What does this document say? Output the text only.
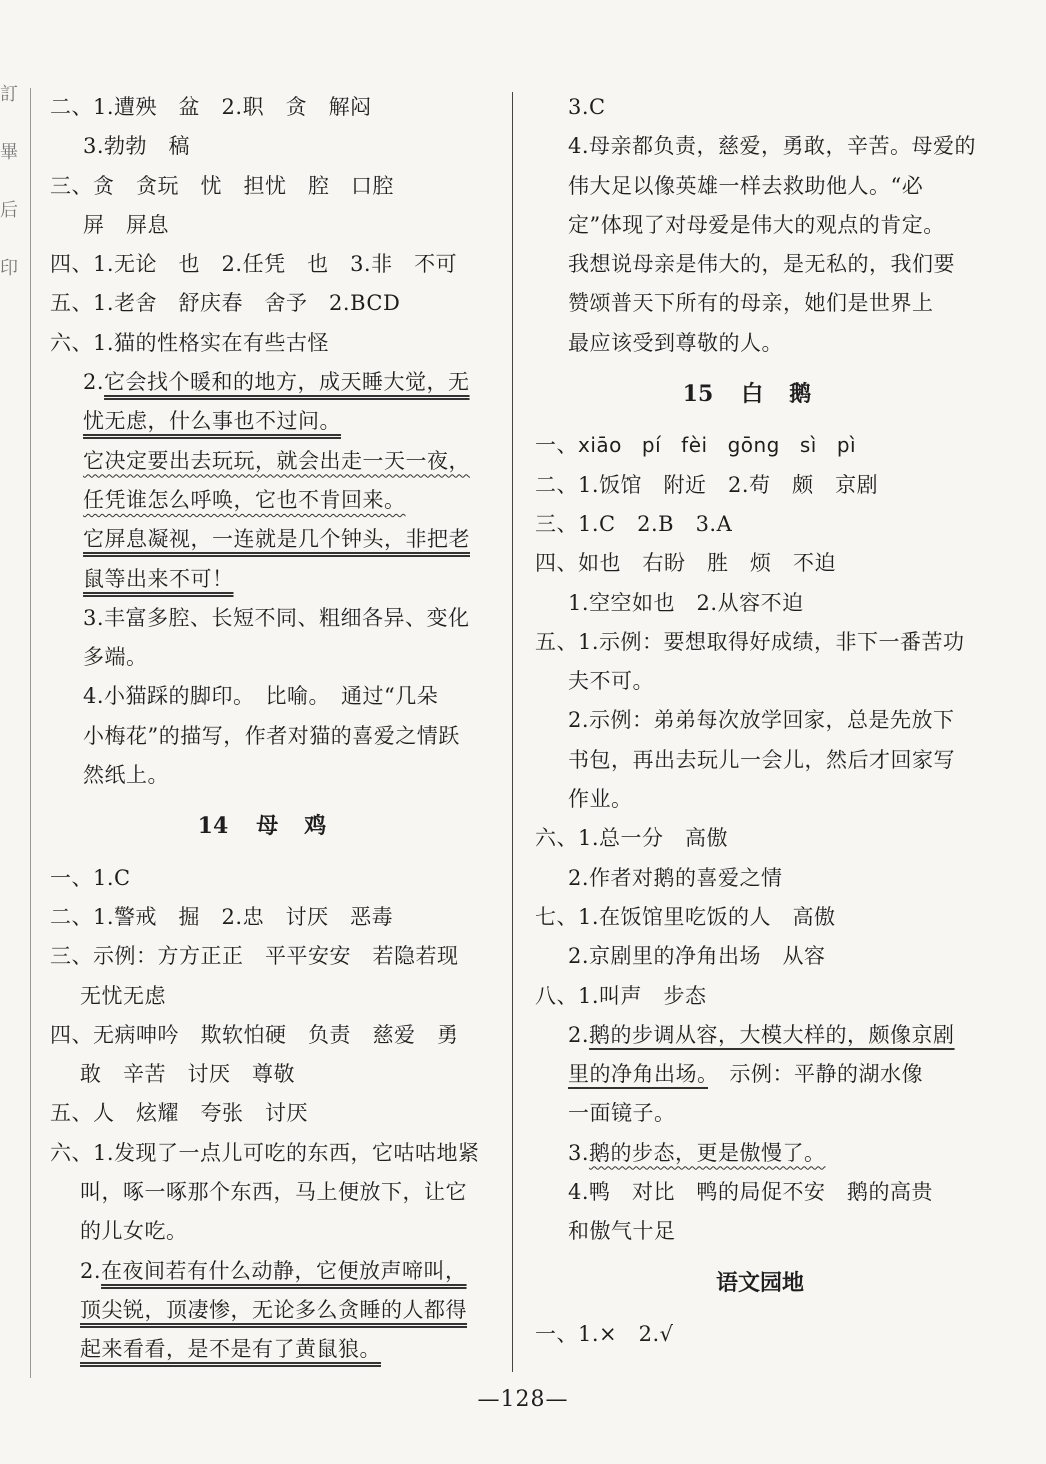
訂
畢
后
印
二、1.遭殃　盆　2.职　贪　解闷
3.勃勃　稿
三、贪　贪玩　忧　担忧　腔　口腔
屏　屏息
四、1.无论　也　2.任凭　也　3.非　不可
五、1.老舍　舒庆春　舍予　2.BCD
六、1.猫的性格实在有些古怪
2.它会找个暖和的地方，成天睡大觉，无
忧无虑，什么事也不过问。
它决定要出去玩玩，就会出走一天一夜，
任凭谁怎么呼唤，它也不肯回来。
它屏息凝视，一连就是几个钟头，非把老
鼠等出来不可！
3.丰富多腔、长短不同、粗细各异、变化
多端。
4.小猫踩的脚印。　比喻。　通过“几朵
小梅花”的描写，作者对猫的喜爱之情跃
然纸上。
14 母鸡
一、1.C
二、1.警戒　掘　2.忠　讨厌　恶毒
三、示例：方方正正　平平安安　若隐若现
无忧无虑
四、无病呻吟　欺软怕硬　负责　慈爱　勇
敢　辛苦　讨厌　尊敬
五、人　炫耀　夸张　讨厌
六、1.发现了一点儿可吃的东西，它咕咕地紧
叫，啄一啄那个东西，马上便放下，让它
的儿女吃。
2.在夜间若有什么动静，它便放声啼叫，
顶尖锐，顶凄惨，无论多么贪睡的人都得
起来看看，是不是有了黄鼠狼。
3.C
4.母亲都负责，慈爱，勇敢，辛苦。母爱的
伟大足以像英雄一样去救助他人。“必
定”体现了对母爱是伟大的观点的肯定。
我想说母亲是伟大的，是无私的，我们要
赞颂普天下所有的母亲，她们是世界上
最应该受到尊敬的人。
15 白鹅
一、xiāo pí fèi gōng sì pì
二、1.饭馆　附近　2.苟　颇　京剧
三、1.C　2.B　3.A
四、如也　右盼　胜　烦　不迫
1.空空如也　2.从容不迫
五、1.示例：要想取得好成绩，非下一番苦功
夫不可。
2.示例：弟弟每次放学回家，总是先放下
书包，再出去玩儿一会儿，然后才回家写
作业。
六、1.总一分　高傲
2.作者对鹅的喜爱之情
七、1.在饭馆里吃饭的人　高傲
2.京剧里的净角出场　从容
八、1.叫声　步态
2.鹅的步调从容，大模大样的，颇像京剧
里的净角出场。　示例：平静的湖水像
一面镜子。
3.鹅的步态，更是傲慢了。
4.鸭　对比　鸭的局促不安　鹅的高贵
和傲气十足
语文园地
一、1.×　2.√
—128—
